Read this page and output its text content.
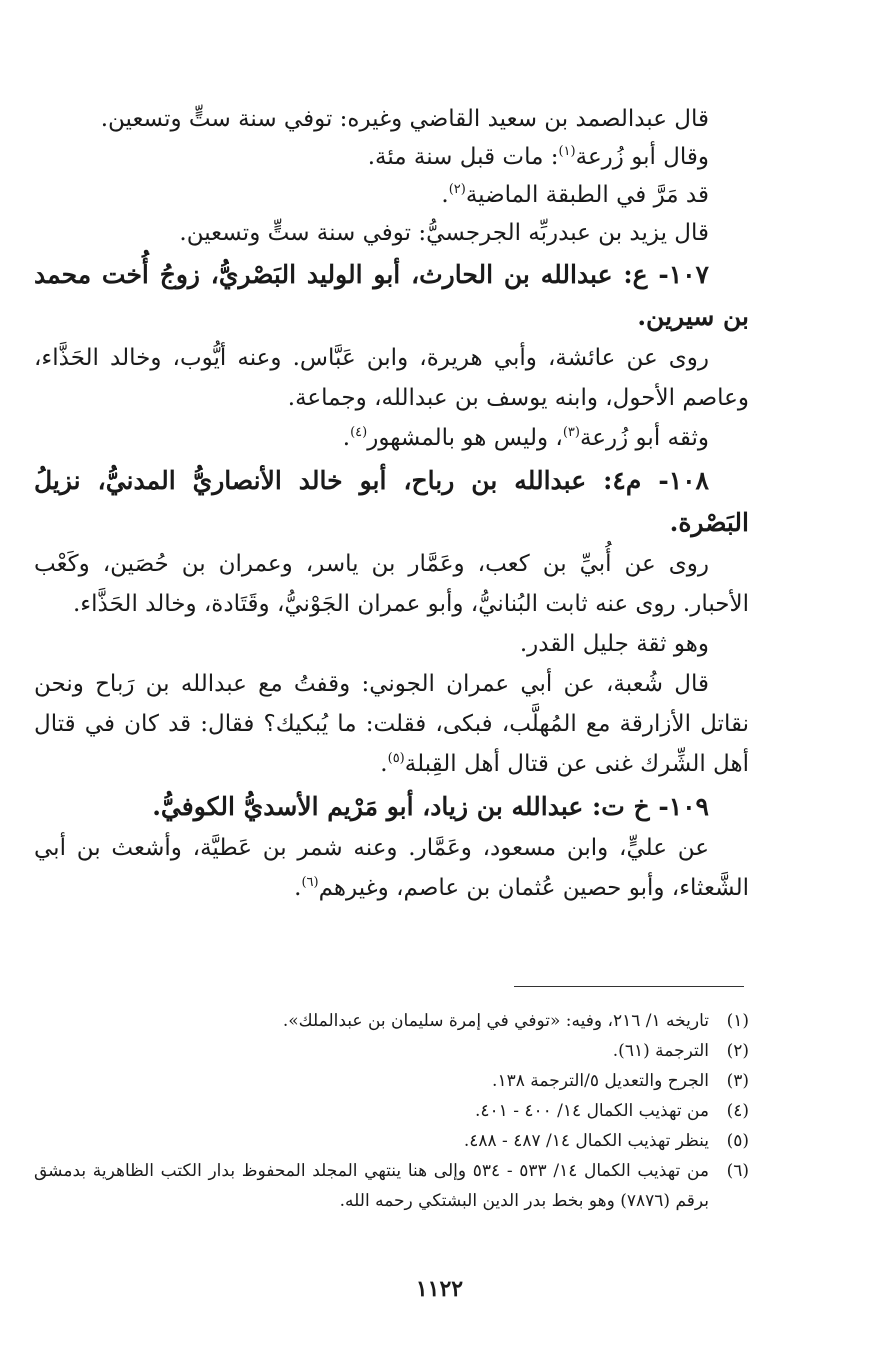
قال عبدالصمد بن سعيد القاضي وغيره: توفي سنة ستٍّ وتسعين.
وقال أبو زُرعة$^{(١)}$: مات قبل سنة مئة.
قد مَرَّ في الطبقة الماضية$^{(٢)}$.
قال يزيد بن عبدربِّه الجرجسيُّ: توفي سنة ستٍّ وتسعين.
١٠٧- ع: عبدالله بن الحارث، أبو الوليد البَصْريُّ، زوجُ أُخت محمد بن سيرين.

روى عن عائشة، وأبي هريرة، وابن عَبَّاس. وعنه أيُّوب، وخالد الحَذَّاء، وعاصم الأحول، وابنه يوسف بن عبدالله، وجماعة.

وثقه أبو زُرعة$^{(٣)}$، وليس هو بالمشهور$^{(٤)}$.

١٠٨- م٤: عبدالله بن رباح، أبو خالد الأنصاريُّ المدنيُّ، نزيلُ البَصْرة.

روى عن أُبيِّ بن كعب، وعَمَّار بن ياسر، وعمران بن حُصَين، وكَعْب الأحبار. روى عنه ثابت البُنانيُّ، وأبو عمران الجَوْنيُّ، وقَتَادة، وخالد الحَذَّاء.

وهو ثقة جليل القدر.

قال شُعبة، عن أبي عمران الجوني: وقفتُ مع عبدالله بن رَباح ونحن نقاتل الأزارقة مع المُهلَّب، فبكى، فقلت: ما يُبكيك؟ فقال: قد كان في قتال أهل الشِّرك غنى عن قتال أهل القِبلة$^{(٥)}$.

١٠٩- خ ت: عبدالله بن زياد، أبو مَرْيم الأسديُّ الكوفيُّ.

عن عليٍّ، وابن مسعود، وعَمَّار. وعنه شمر بن عَطيَّة، وأشعث بن أبي الشَّعثاء، وأبو حصين عُثمان بن عاصم، وغيرهم$^{(٦)}$.

(١)
تاريخه ١/ ٢١٦، وفيه: «توفي في إمرة سليمان بن عبدالملك».
(٢)
الترجمة (٦١).
(٣)
الجرح والتعديل ٥/الترجمة ١٣٨.
(٤)
من تهذيب الكمال ١٤/ ٤٠٠ - ٤٠١.
(٥)
ينظر تهذيب الكمال ١٤/ ٤٨٧ - ٤٨٨.
(٦)
من تهذيب الكمال ١٤/ ٥٣٣ - ٥٣٤ وإلى هنا ينتهي المجلد المحفوظ بدار الكتب الظاهرية بدمشق برقم (٧٨٧٦) وهو بخط بدر الدين البشتكي رحمه الله.
١١٢٢
